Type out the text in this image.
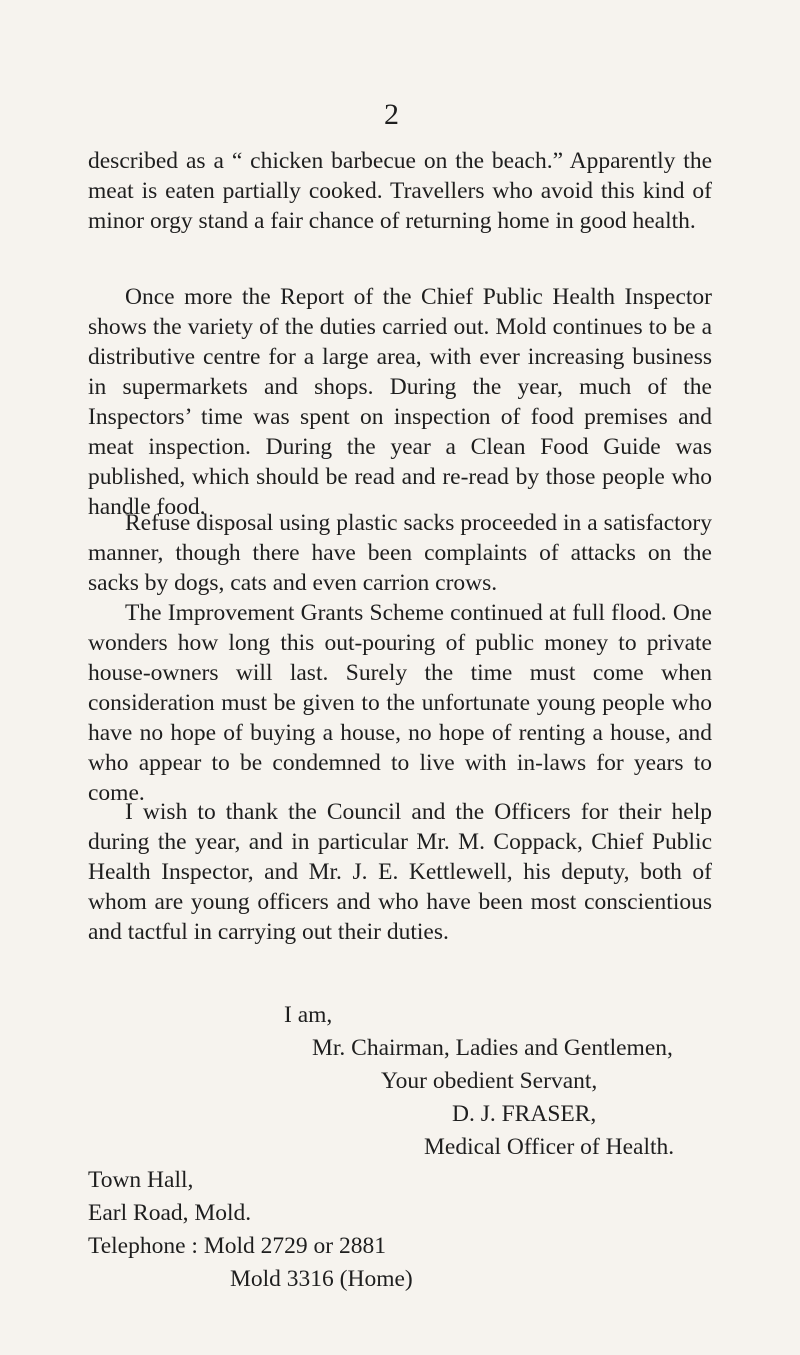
2

described as a “ chicken barbecue on the beach.” Apparently the meat is eaten partially cooked. Travellers who avoid this kind of minor orgy stand a fair chance of returning home in good health.

Once more the Report of the Chief Public Health Inspector shows the variety of the duties carried out. Mold continues to be a distributive centre for a large area, with ever increasing business in supermarkets and shops. During the year, much of the Inspectors’ time was spent on inspection of food premises and meat inspection. During the year a Clean Food Guide was published, which should be read and re-read by those people who handle food.

Refuse disposal using plastic sacks proceeded in a satisfactory manner, though there have been complaints of attacks on the sacks by dogs, cats and even carrion crows.

The Improvement Grants Scheme continued at full flood. One wonders how long this out-pouring of public money to private house-owners will last. Surely the time must come when consideration must be given to the unfortunate young people who have no hope of buying a house, no hope of renting a house, and who appear to be condemned to live with in-laws for years to come.

I wish to thank the Council and the Officers for their help during the year, and in particular Mr. M. Coppack, Chief Public Health Inspector, and Mr. J. E. Kettlewell, his deputy, both of whom are young officers and who have been most conscientious and tactful in carrying out their duties.

I am,
Mr. Chairman, Ladies and Gentlemen,
Your obedient Servant,
D. J. FRASER,
Medical Officer of Health.
Town Hall,
Earl Road, Mold.
Telephone : Mold 2729 or 2881
Mold 3316 (Home)
